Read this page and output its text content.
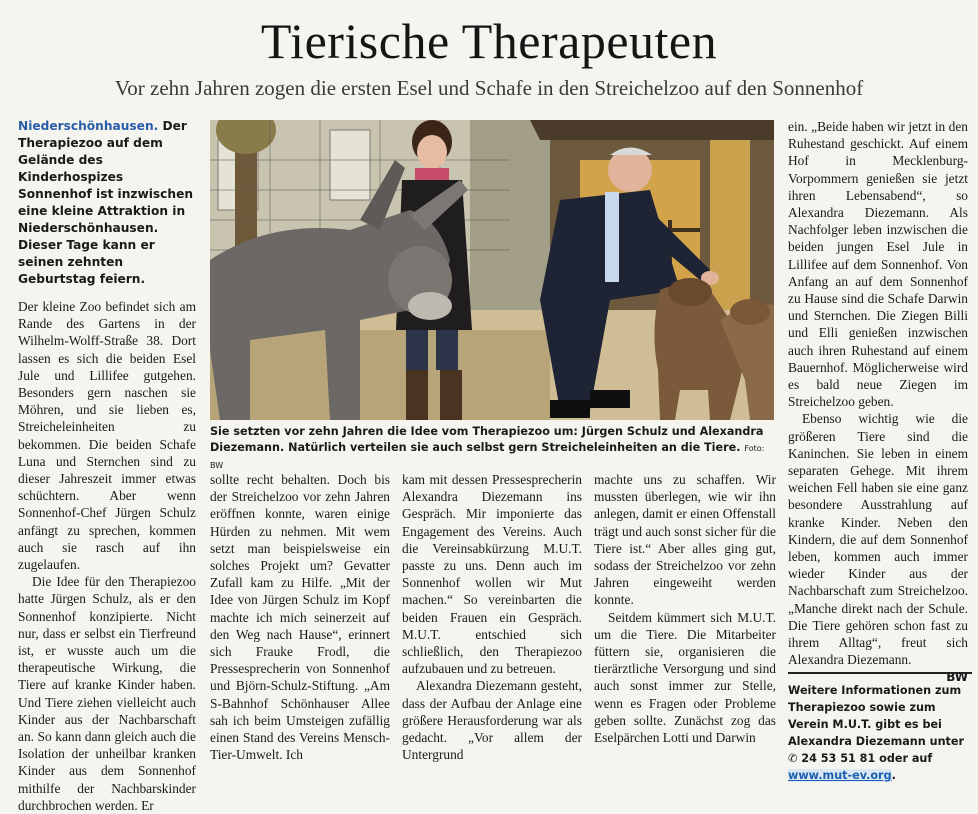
Tierische Therapeuten
Vor zehn Jahren zogen die ersten Esel und Schafe in den Streichelzoo auf den Sonnenhof

Niederschönhausen. Der Therapiezoo auf dem Gelände des Kinderhospizes Sonnenhof ist inzwischen eine kleine Attraktion in Niederschönhausen. Dieser Tage kann er seinen zehnten Geburtstag feiern.

Der kleine Zoo befindet sich am Rande des Gartens in der Wilhelm-Wolff-Straße 38. Dort lassen es sich die beiden Esel Jule und Lillifee gutgehen. Besonders gern naschen sie Möhren, und sie lieben es, Streicheleinheiten zu bekommen. Die beiden Schafe Luna und Sternchen sind zu dieser Jahreszeit immer etwas schüchtern. Aber wenn Sonnenhof-Chef Jürgen Schulz anfängt zu sprechen, kommen auch sie rasch auf ihn zugelaufen.

Die Idee für den Therapiezoo hatte Jürgen Schulz, als er den Sonnenhof konzipierte. Nicht nur, dass er selbst ein Tierfreund ist, er wusste auch um die therapeutische Wirkung, die Tiere auf kranke Kinder haben. Und Tiere ziehen vielleicht auch Kinder aus der Nachbarschaft an. So kann dann gleich auch die Isolation der unheilbar kranken Kinder aus dem Sonnenhof mithilfe der Nachbarskinder durchbrochen werden. Er

Sie setzten vor zehn Jahren die Idee vom Therapiezoo um: Jürgen Schulz und Alexandra Diezemann. Natürlich verteilen sie auch selbst gern Streicheleinheiten an die Tiere. Foto: BW

sollte recht behalten. Doch bis der Streichelzoo vor zehn Jahren eröffnen konnte, waren einige Hürden zu nehmen. Mit wem setzt man beispielsweise ein solches Projekt um? Gevatter Zufall kam zu Hilfe. „Mit der Idee von Jürgen Schulz im Kopf machte ich mich seinerzeit auf den Weg nach Hause“, erinnert sich Frauke Frodl, die Pressesprecherin von Sonnenhof und Björn-Schulz-Stiftung. „Am S-Bahnhof Schönhauser Allee sah ich beim Umsteigen zufällig einen Stand des Vereins Mensch-Tier-Umwelt. Ich

kam mit dessen Pressesprecherin Alexandra Diezemann ins Gespräch. Mir imponierte das Engagement des Vereins. Auch die Vereinsabkürzung M.U.T. passte zu uns. Denn auch im Sonnenhof wollen wir Mut machen.“ So vereinbarten die beiden Frauen ein Gespräch. M.U.T. entschied sich schließlich, den Therapiezoo aufzubauen und zu betreuen.

Alexandra Diezemann gesteht, dass der Aufbau der Anlage eine größere Herausforderung war als gedacht. „Vor allem der Untergrund

machte uns zu schaffen. Wir mussten überlegen, wie wir ihn anlegen, damit er einen Offenstall trägt und auch sonst sicher für die Tiere ist.“ Aber alles ging gut, sodass der Streichelzoo vor zehn Jahren eingeweiht werden konnte.

Seitdem kümmert sich M.U.T. um die Tiere. Die Mitarbeiter füttern sie, organisieren die tierärztliche Versorgung und sind auch sonst immer zur Stelle, wenn es Fragen oder Probleme geben sollte. Zunächst zog das Eselpärchen Lotti und Darwin

ein. „Beide haben wir jetzt in den Ruhestand geschickt. Auf einem Hof in Mecklenburg-Vorpommern genießen sie jetzt ihren Lebensabend“, so Alexandra Diezemann. Als Nachfolger leben inzwischen die beiden jungen Esel Jule in Lillifee auf dem Sonnenhof. Von Anfang an auf dem Sonnenhof zu Hause sind die Schafe Darwin und Sternchen. Die Ziegen Billi und Elli genießen inzwischen auch ihren Ruhestand auf einem Bauernhof. Möglicherweise wird es bald neue Ziegen im Streichelzoo geben.

Ebenso wichtig wie die größeren Tiere sind die Kaninchen. Sie leben in einem separaten Gehege. Mit ihrem weichen Fell haben sie eine ganz besondere Ausstrahlung auf kranke Kinder. Neben den Kindern, die auf dem Sonnenhof leben, kommen auch immer wieder Kinder aus der Nachbarschaft zum Streichelzoo. „Manche direkt nach der Schule. Die Tiere gehören schon fast zu ihrem Alltag“, freut sich Alexandra Diezemann.

BW

Weitere Informationen zum Therapiezoo sowie zum Verein M.U.T. gibt es bei Alexandra Diezemann unter ✆ 24 53 51 81 oder auf www.mut-ev.org.
